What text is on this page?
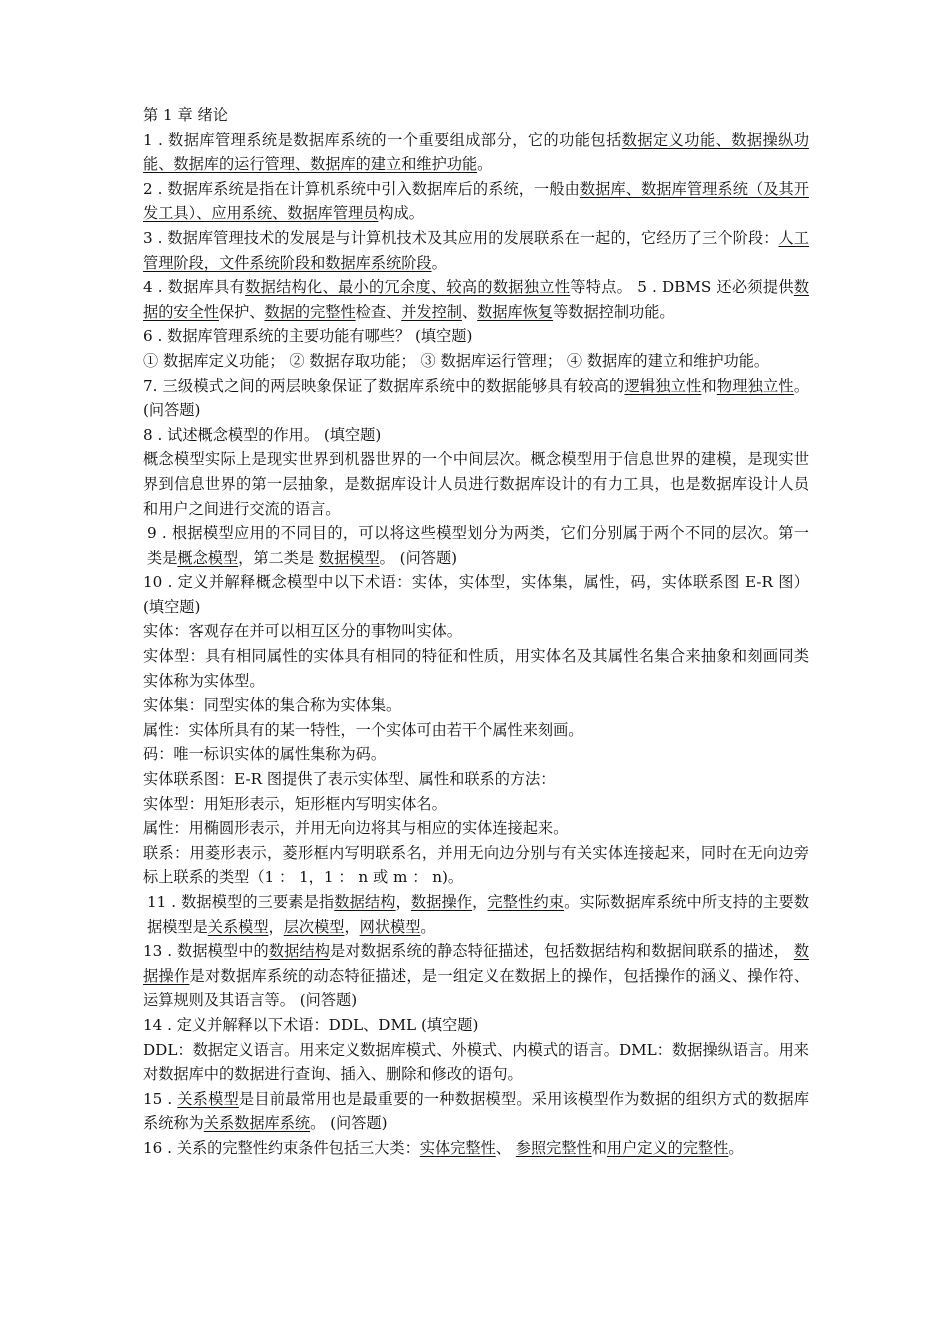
第 1 章 绪论

1 . 数据库管理系统是数据库系统的一个重要组成部分，它的功能包括数据定义功能、数据操纵功能、数据库的运行管理、数据库的建立和维护功能。

2 . 数据库系统是指在计算机系统中引入数据库后的系统，一般由数据库、数据库管理系统（及其开发工具）、应用系统、数据库管理员构成。

3 . 数据库管理技术的发展是与计算机技术及其应用的发展联系在一起的，它经历了三个阶段：人工管理阶段，文件系统阶段和数据库系统阶段。

4 . 数据库具有数据结构化、最小的冗余度、较高的数据独立性等特点。 5 . DBMS 还必须提供数据的安全性保护、数据的完整性检查、并发控制、数据库恢复等数据控制功能。

6 . 数据库管理系统的主要功能有哪些？ (填空题)

① 数据库定义功能； ② 数据存取功能； ③ 数据库运行管理； ④ 数据库的建立和维护功能。

7. 三级模式之间的两层映象保证了数据库系统中的数据能够具有较高的逻辑独立性和物理独立性。 (问答题)

8 . 试述概念模型的作用。 (填空题)

概念模型实际上是现实世界到机器世界的一个中间层次。概念模型用于信息世界的建模，是现实世界到信息世界的第一层抽象，是数据库设计人员进行数据库设计的有力工具，也是数据库设计人员和用户之间进行交流的语言。

9 . 根据模型应用的不同目的，可以将这些模型划分为两类，它们分别属于两个不同的层次。第一类是概念模型，第二类是 数据模型。 (问答题)

10 . 定义并解释概念模型中以下术语：实体，实体型，实体集，属性，码，实体联系图 E-R 图） (填空题)

实体：客观存在并可以相互区分的事物叫实体。

实体型：具有相同属性的实体具有相同的特征和性质，用实体名及其属性名集合来抽象和刻画同类实体称为实体型。

实体集：同型实体的集合称为实体集。

属性：实体所具有的某一特性，一个实体可由若干个属性来刻画。

码：唯一标识实体的属性集称为码。

实体联系图：E-R 图提供了表示实体型、属性和联系的方法：

实体型：用矩形表示，矩形框内写明实体名。

属性：用椭圆形表示，并用无向边将其与相应的实体连接起来。

联系：用菱形表示，菱形框内写明联系名，并用无向边分别与有关实体连接起来，同时在无向边旁标上联系的类型（1 ： 1，1 ： n 或 m ： n)。

11 . 数据模型的三要素是指数据结构，数据操作，完整性约束。实际数据库系统中所支持的主要数据模型是关系模型，层次模型，网状模型。

13 . 数据模型中的数据结构是对数据系统的静态特征描述，包括数据结构和数据间联系的描述， 数据操作是对数据库系统的动态特征描述，是一组定义在数据上的操作，包括操作的涵义、操作符、运算规则及其语言等。 (问答题)

14 . 定义并解释以下术语：DDL、DML (填空题)

DDL：数据定义语言。用来定义数据库模式、外模式、内模式的语言。DML：数据操纵语言。用来对数据库中的数据进行查询、插入、删除和修改的语句。

15 . 关系模型是目前最常用也是最重要的一种数据模型。采用该模型作为数据的组织方式的数据库系统称为关系数据库系统。 (问答题)

16 . 关系的完整性约束条件包括三大类：实体完整性、 参照完整性和用户定义的完整性。
